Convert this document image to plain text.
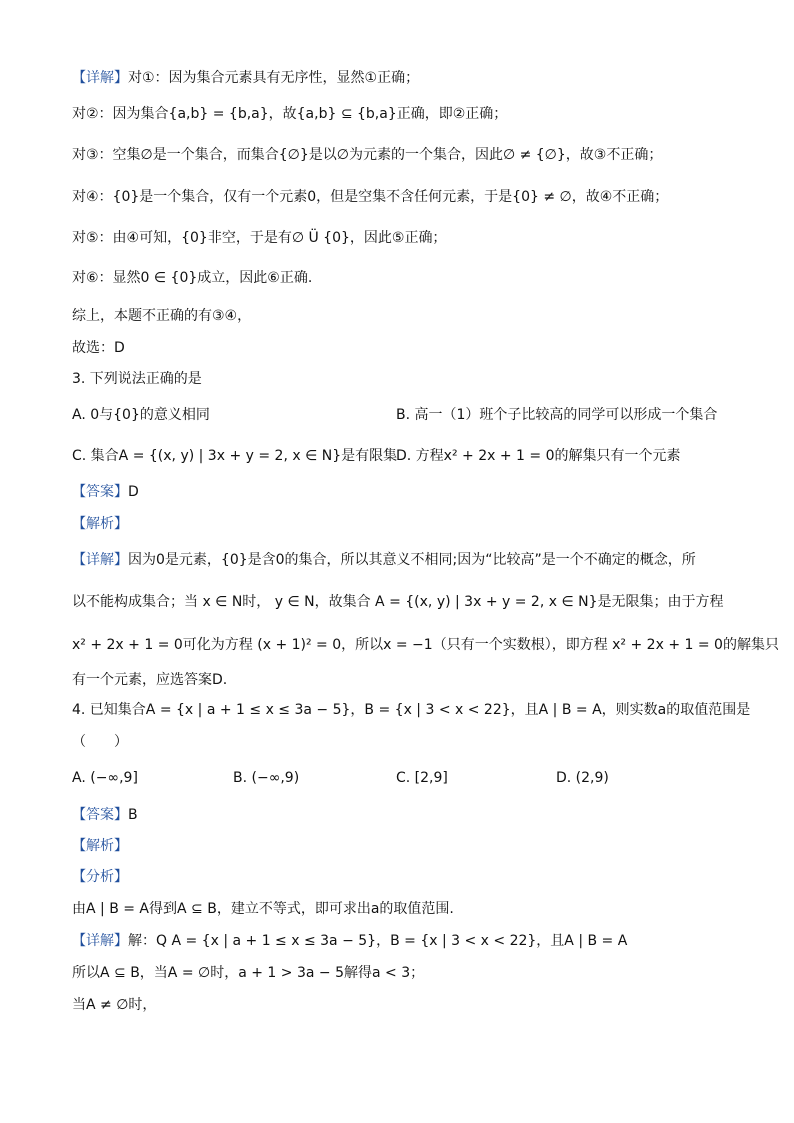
【详解】对①：因为集合元素具有无序性，显然①正确；
对②：因为集合{a,b} = {b,a}，故{a,b} ⊆ {b,a}正确，即②正确；
对③：空集∅是一个集合，而集合{∅}是以∅为元素的一个集合，因此∅ ≠ {∅}，故③不正确；
对④：{0}是一个集合，仅有一个元素0，但是空集不含任何元素，于是{0} ≠ ∅，故④不正确；
对⑤：由④可知，{0}非空，于是有∅ Ü {0}，因此⑤正确；
对⑥：显然0 ∈ {0}成立，因此⑥正确.
综上，本题不正确的有③④，
故选：D
3. 下列说法正确的是
A. 0与{0}的意义相同	B. 高一（1）班个子比较高的同学可以形成一个集合
C. 集合A = {(x, y) | 3x + y = 2, x ∈ N}是有限集
D. 方程x² + 2x + 1 = 0的解集只有一个元素
【答案】D
【解析】
【详解】因为0是元素，{0}是含0的集合，所以其意义不相同;因为“比较高”是一个不确定的概念，所
以不能构成集合；当 x ∈ N时， y ∈ N，故集合 A = {(x, y) | 3x + y = 2, x ∈ N}是无限集；由于方程
x² + 2x + 1 = 0可化为方程 (x + 1)² = 0，所以x = −1（只有一个实数根），即方程 x² + 2x + 1 = 0的解集只
有一个元素，应选答案D.
4. 已知集合A = {x | a + 1 ≤ x ≤ 3a − 5}，B = {x | 3 < x < 22}，且A | B = A，则实数a的取值范围是
（　　）
A. (−∞,9]	B. (−∞,9)	C. [2,9]	D. (2,9)
【答案】B
【解析】
【分析】
由A | B = A得到A ⊆ B，建立不等式，即可求出a的取值范围.
【详解】解：Q A = {x | a + 1 ≤ x ≤ 3a − 5}，B = {x | 3 < x < 22}，且A | B = A
所以A ⊆ B，当A = ∅时，a + 1 > 3a − 5解得a < 3；
当A ≠ ∅时，
